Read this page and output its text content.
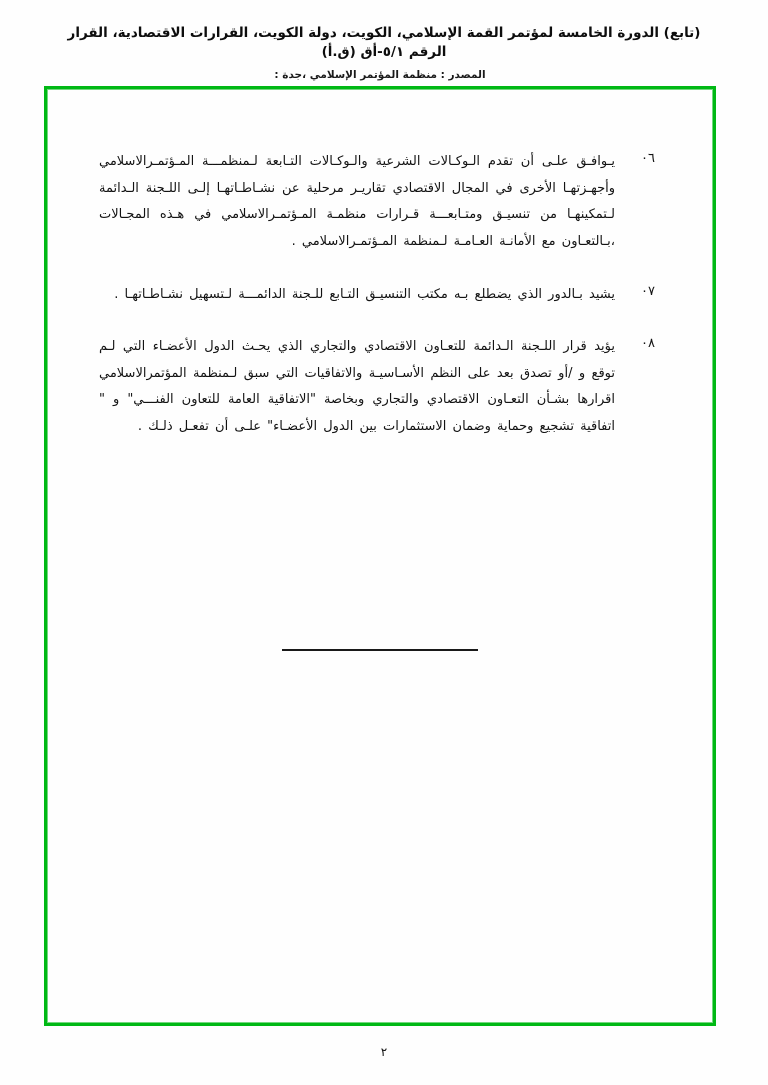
(تابع) الدورة الخامسة لمؤتمر القمة الإسلامي، الكويت، دولة الكويت، القرارات الاقتصادية، القرار الرقم ٥/١-أق (ق.أ)
المصدر : منظمة المؤتمر الإسلامي ،جدة :
٠٦
يـوافـق علـى أن تقدم الـوكـالات الشرعية والـوكـالات التـابعة لـمنظمـــة المـؤتمـرالاسلامي وأجهـزتهـا الأخرى في المجال الاقتصادي تقاريـر مرحلية عن نشـاطـاتهـا إلـى اللـجنة الـدائمة لـتمكينهـا من تنسيـق ومتـابعـــة قـرارات منظمـة المـؤتمـرالاسلامي في هـذه المجـالات ،بـالتعـاون مع الأمانـة العـامـة لـمنظمة المـؤتمـرالاسلامي .
٠٧
يشيد بـالدور الذي يضطلع بـه مكتب التنسيـق التـابع للـجنة الدائمـــة لـتسهيل نشـاطـاتهـا .
٠٨
يؤيد قرار اللـجنة الـدائمة للتعـاون الاقتصادي والتجاري الذي يحـث الدول الأعضـاء التي لـم توقع و /أو تصدق بعد على النظم الأسـاسيـة والاتفاقيات التي سبق لـمنظمة المؤتمرالاسلامي اقرارها بشـأن التعـاون الاقتصادي والتجاري وبخاصة "الاتفاقية العامة للتعاون الفنـــي" و " اتفاقية تشجيع وحماية وضمان الاستثمارات بين الدول الأعضـاء" علـى أن تفعـل ذلـك .
٢
